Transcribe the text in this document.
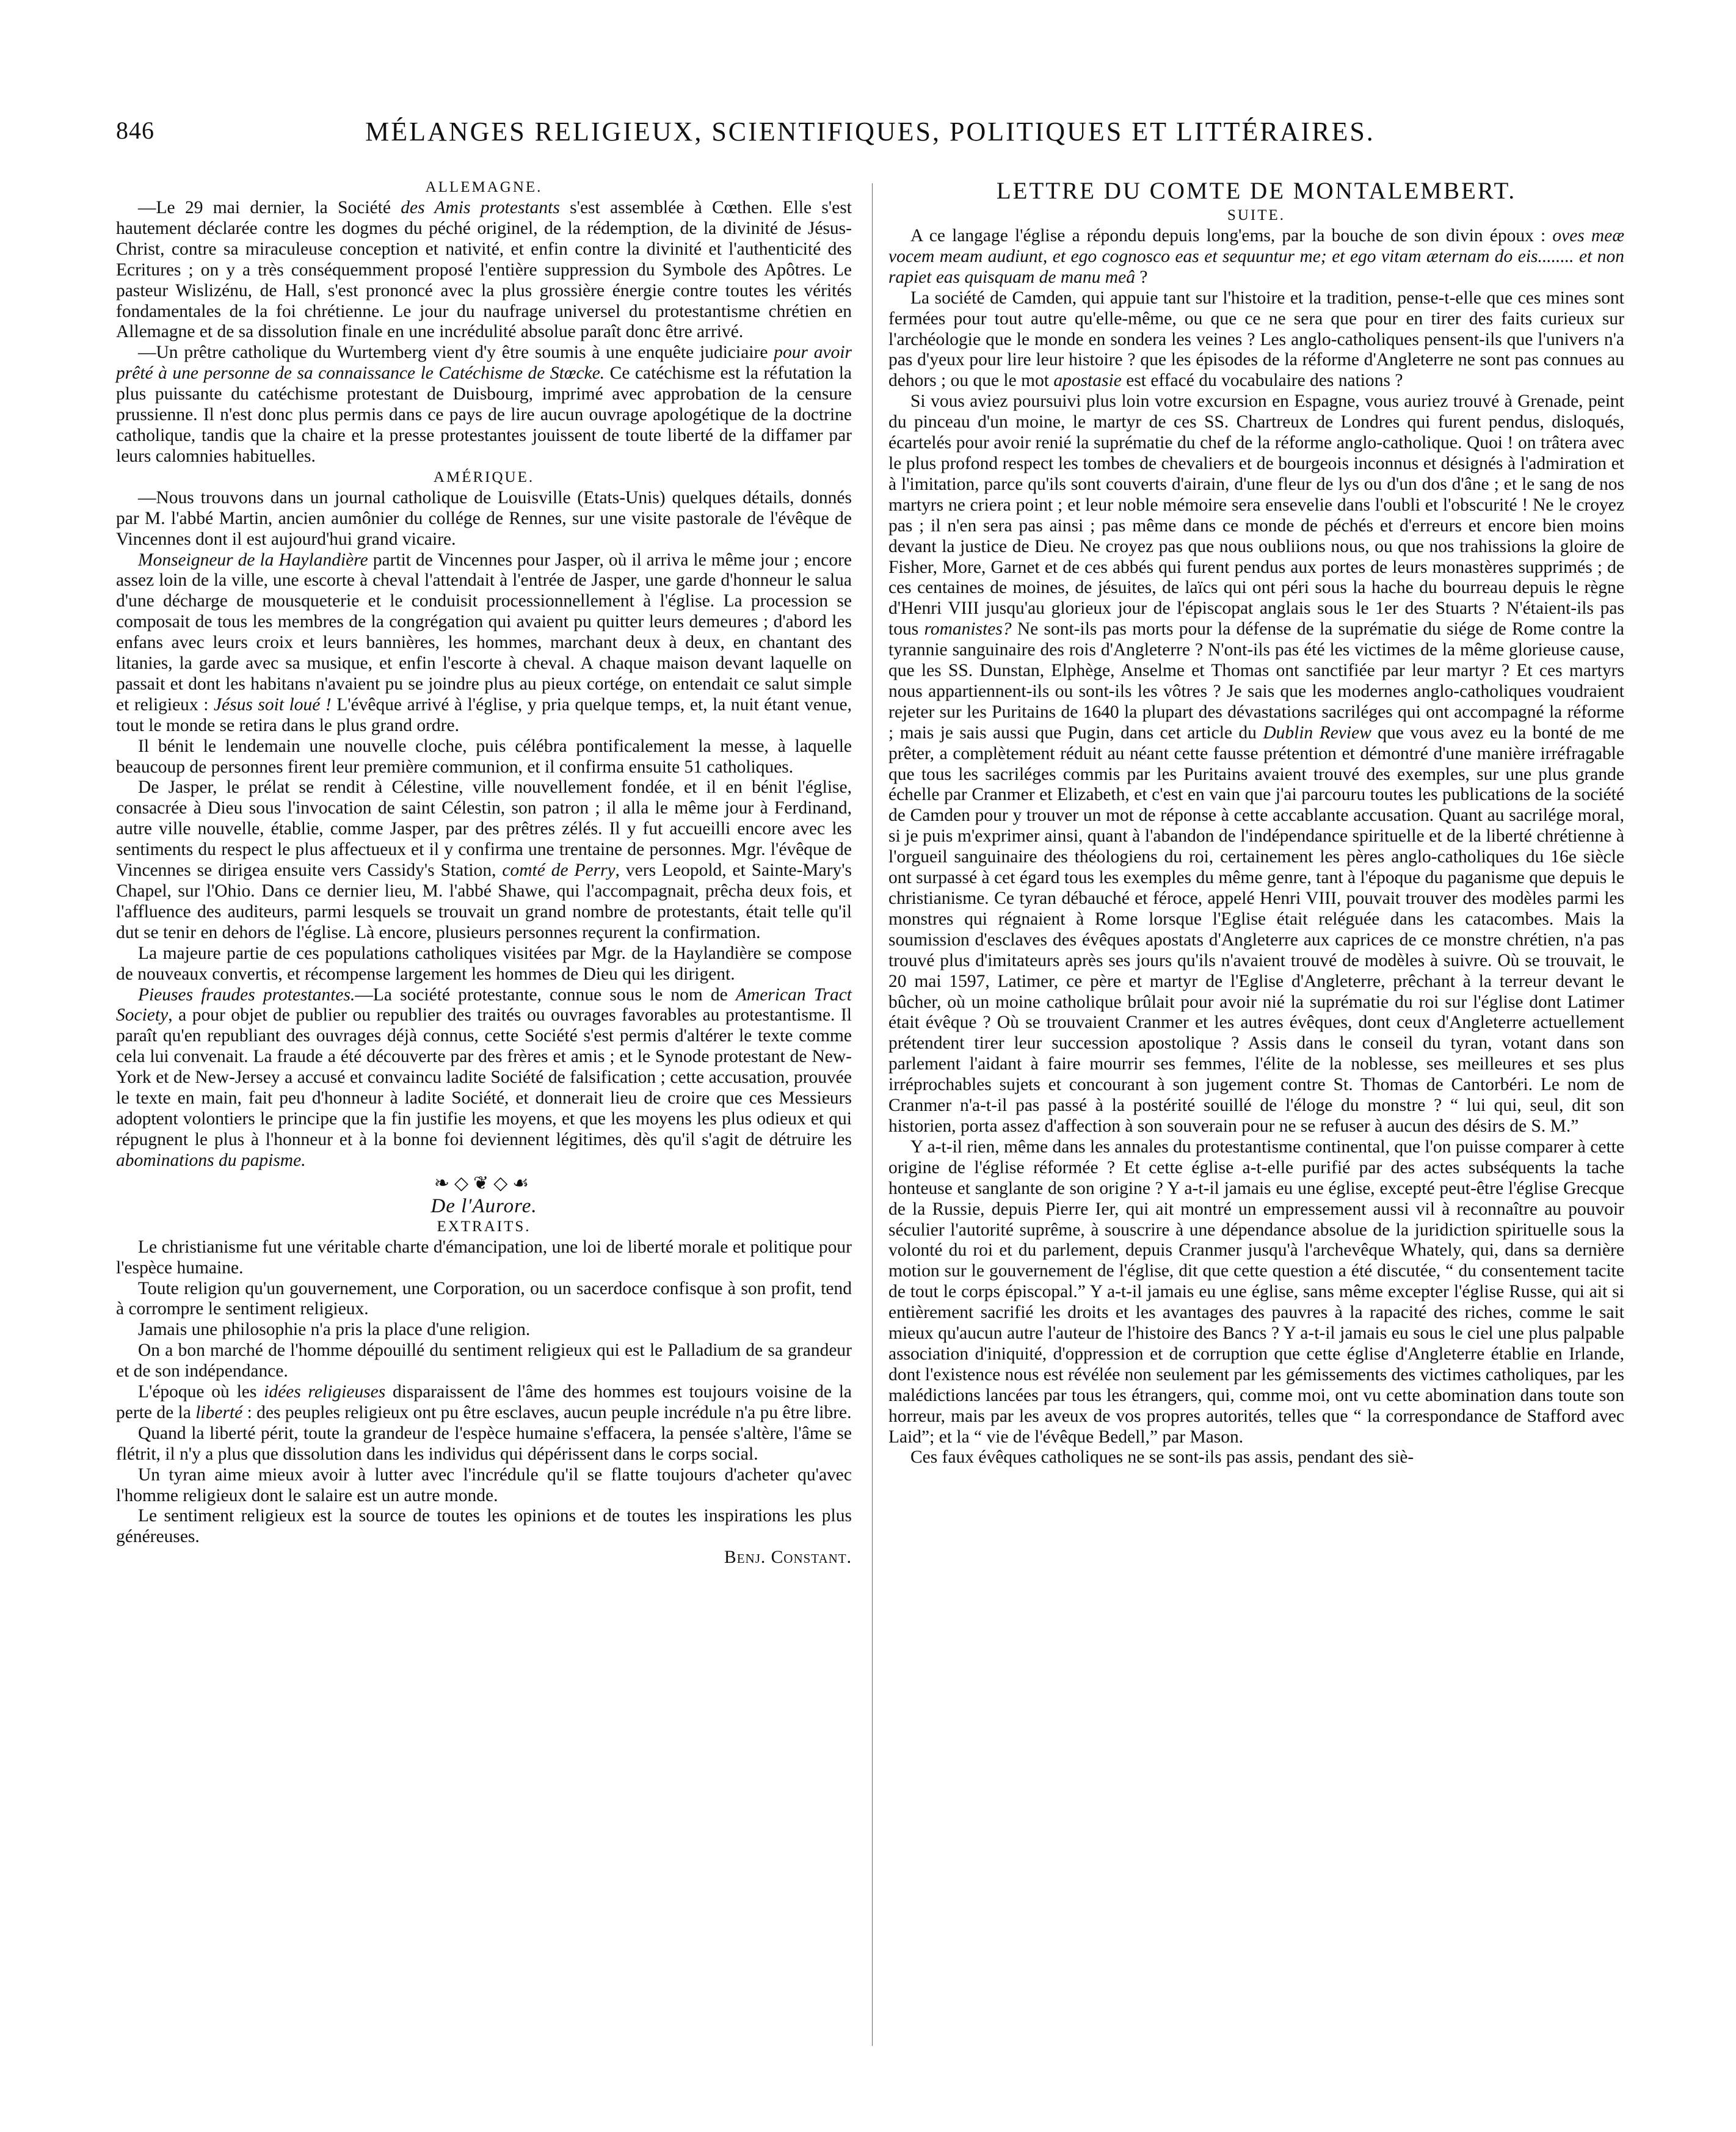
846	MÉLANGES RELIGIEUX, SCIENTIFIQUES, POLITIQUES ET LITTÉRAIRES.
ALLEMAGNE.

—Le 29 mai dernier, la Société des Amis protestants s'est assemblée à Cœthen. Elle s'est hautement déclarée contre les dogmes du péché originel, de la rédemption, de la divinité de Jésus-Christ, contre sa miraculeuse conception et nativité, et enfin contre la divinité et l'authenticité des Ecritures ; on y a très conséquemment proposé l'entière suppression du Symbole des Apôtres. Le pasteur Wislizénu, de Hall, s'est prononcé avec la plus grossière énergie contre toutes les vérités fondamentales de la foi chrétienne. Le jour du naufrage universel du protestantisme chrétien en Allemagne et de sa dissolution finale en une incrédulité absolue paraît donc être arrivé.

—Un prêtre catholique du Wurtemberg vient d'y être soumis à une enquête judiciaire pour avoir prêté à une personne de sa connaissance le Catéchisme de Stœcke. Ce catéchisme est la réfutation la plus puissante du catéchisme protestant de Duisbourg, imprimé avec approbation de la censure prussienne. Il n'est donc plus permis dans ce pays de lire aucun ouvrage apologétique de la doctrine catholique, tandis que la chaire et la presse protestantes jouissent de toute liberté de la diffamer par leurs calomnies habituelles.

AMÉRIQUE.

—Nous trouvons dans un journal catholique de Louisville (Etats-Unis) quelques détails, donnés par M. l'abbé Martin, ancien aumônier du collége de Rennes, sur une visite pastorale de l'évêque de Vincennes dont il est aujourd'hui grand vicaire.

Monseigneur de la Haylandière partit de Vincennes pour Jasper, où il arriva le même jour ; encore assez loin de la ville, une escorte à cheval l'attendait à l'entrée de Jasper, une garde d'honneur le salua d'une décharge de mousqueterie et le conduisit processionnellement à l'église. La procession se composait de tous les membres de la congrégation qui avaient pu quitter leurs demeures ; d'abord les enfans avec leurs croix et leurs bannières, les hommes, marchant deux à deux, en chantant des litanies, la garde avec sa musique, et enfin l'escorte à cheval. A chaque maison devant laquelle on passait et dont les habitans n'avaient pu se joindre plus au pieux cortége, on entendait ce salut simple et religieux : Jésus soit loué ! L'évêque arrivé à l'église, y pria quelque temps, et, la nuit étant venue, tout le monde se retira dans le plus grand ordre.

Il bénit le lendemain une nouvelle cloche, puis célébra pontificalement la messe, à laquelle beaucoup de personnes firent leur première communion, et il confirma ensuite 51 catholiques.

De Jasper, le prélat se rendit à Célestine, ville nouvellement fondée, et il en bénit l'église, consacrée à Dieu sous l'invocation de saint Célestin, son patron ; il alla le même jour à Ferdinand, autre ville nouvelle, établie, comme Jasper, par des prêtres zélés. Il y fut accueilli encore avec les sentiments du respect le plus affectueux et il y confirma une trentaine de personnes. Mgr. l'évêque de Vincennes se dirigea ensuite vers Cassidy's Station, comté de Perry, vers Leopold, et Sainte-Mary's Chapel, sur l'Ohio. Dans ce dernier lieu, M. l'abbé Shawe, qui l'accompagnait, prêcha deux fois, et l'affluence des auditeurs, parmi lesquels se trouvait un grand nombre de protestants, était telle qu'il dut se tenir en dehors de l'église. Là encore, plusieurs personnes reçurent la confirmation.

La majeure partie de ces populations catholiques visitées par Mgr. de la Haylandière se compose de nouveaux convertis, et récompense largement les hommes de Dieu qui les dirigent.

Pieuses fraudes protestantes.—La société protestante, connue sous le nom de American Tract Society, a pour objet de publier ou republier des traités ou ouvrages favorables au protestantisme. Il paraît qu'en republiant des ouvrages déjà connus, cette Société s'est permis d'altérer le texte comme cela lui convenait. La fraude a été découverte par des frères et amis ; et le Synode protestant de New-York et de New-Jersey a accusé et convaincu ladite Société de falsification ; cette accusation, prouvée le texte en main, fait peu d'honneur à ladite Société, et donnerait lieu de croire que ces Messieurs adoptent volontiers le principe que la fin justifie les moyens, et que les moyens les plus odieux et qui répugnent le plus à l'honneur et à la bonne foi deviennent légitimes, dès qu'il s'agit de détruire les abominations du papisme.

❧◇❦◇☙
De l'Aurore.
EXTRAITS.

Le christianisme fut une véritable charte d'émancipation, une loi de liberté morale et politique pour l'espèce humaine.

Toute religion qu'un gouvernement, une Corporation, ou un sacerdoce confisque à son profit, tend à corrompre le sentiment religieux.

Jamais une philosophie n'a pris la place d'une religion.

On a bon marché de l'homme dépouillé du sentiment religieux qui est le Palladium de sa grandeur et de son indépendance.

L'époque où les idées religieuses disparaissent de l'âme des hommes est toujours voisine de la perte de la liberté : des peuples religieux ont pu être esclaves, aucun peuple incrédule n'a pu être libre.

Quand la liberté périt, toute la grandeur de l'espèce humaine s'effacera, la pensée s'altère, l'âme se flétrit, il n'y a plus que dissolution dans les individus qui dépérissent dans le corps social.

Un tyran aime mieux avoir à lutter avec l'incrédule qu'il se flatte toujours d'acheter qu'avec l'homme religieux dont le salaire est un autre monde.

Le sentiment religieux est la source de toutes les opinions et de toutes les inspirations les plus généreuses.

Benj. Constant.
LETTRE DU COMTE DE MONTALEMBERT.
SUITE.

A ce langage l'église a répondu depuis long'ems, par la bouche de son divin époux : oves meæ vocem meam audiunt, et ego cognosco eas et sequuntur me; et ego vitam æternam do eis........ et non rapiet eas quisquam de manu meâ ?

La société de Camden, qui appuie tant sur l'histoire et la tradition, pense-t-elle que ces mines sont fermées pour tout autre qu'elle-même, ou que ce ne sera que pour en tirer des faits curieux sur l'archéologie que le monde en sondera les veines ? Les anglo-catholiques pensent-ils que l'univers n'a pas d'yeux pour lire leur histoire ? que les épisodes de la réforme d'Angleterre ne sont pas connues au dehors ; ou que le mot apostasie est effacé du vocabulaire des nations ?

Si vous aviez poursuivi plus loin votre excursion en Espagne, vous auriez trouvé à Grenade, peint du pinceau d'un moine, le martyr de ces SS. Chartreux de Londres qui furent pendus, disloqués, écartelés pour avoir renié la suprématie du chef de la réforme anglo-catholique. Quoi ! on trâtera avec le plus profond respect les tombes de chevaliers et de bourgeois inconnus et désignés à l'admiration et à l'imitation, parce qu'ils sont couverts d'airain, d'une fleur de lys ou d'un dos d'âne ; et le sang de nos martyrs ne criera point ; et leur noble mémoire sera ensevelie dans l'oubli et l'obscurité ! Ne le croyez pas ; il n'en sera pas ainsi ; pas même dans ce monde de péchés et d'erreurs et encore bien moins devant la justice de Dieu. Ne croyez pas que nous oubliions nous, ou que nos trahissions la gloire de Fisher, More, Garnet et de ces abbés qui furent pendus aux portes de leurs monastères supprimés ; de ces centaines de moines, de jésuites, de laïcs qui ont péri sous la hache du bourreau depuis le règne d'Henri VIII jusqu'au glorieux jour de l'épiscopat anglais sous le 1er des Stuarts ? N'étaient-ils pas tous romanistes? Ne sont-ils pas morts pour la défense de la suprématie du siége de Rome contre la tyrannie sanguinaire des rois d'Angleterre ? N'ont-ils pas été les victimes de la même glorieuse cause, que les SS. Dunstan, Elphège, Anselme et Thomas ont sanctifiée par leur martyr ? Et ces martyrs nous appartiennent-ils ou sont-ils les vôtres ? Je sais que les modernes anglo-catholiques voudraient rejeter sur les Puritains de 1640 la plupart des dévastations sacriléges qui ont accompagné la réforme ; mais je sais aussi que Pugin, dans cet article du Dublin Review que vous avez eu la bonté de me prêter, a complètement réduit au néant cette fausse prétention et démontré d'une manière irréfragable que tous les sacriléges commis par les Puritains avaient trouvé des exemples, sur une plus grande échelle par Cranmer et Elizabeth, et c'est en vain que j'ai parcouru toutes les publications de la société de Camden pour y trouver un mot de réponse à cette accablante accusation. Quant au sacrilége moral, si je puis m'exprimer ainsi, quant à l'abandon de l'indépendance spirituelle et de la liberté chrétienne à l'orgueil sanguinaire des théologiens du roi, certainement les pères anglo-catholiques du 16e siècle ont surpassé à cet égard tous les exemples du même genre, tant à l'époque du paganisme que depuis le christianisme. Ce tyran débauché et féroce, appelé Henri VIII, pouvait trouver des modèles parmi les monstres qui régnaient à Rome lorsque l'Eglise était reléguée dans les catacombes. Mais la soumission d'esclaves des évêques apostats d'Angleterre aux caprices de ce monstre chrétien, n'a pas trouvé plus d'imitateurs après ses jours qu'ils n'avaient trouvé de modèles à suivre. Où se trouvait, le 20 mai 1597, Latimer, ce père et martyr de l'Eglise d'Angleterre, prêchant à la terreur devant le bûcher, où un moine catholique brûlait pour avoir nié la suprématie du roi sur l'église dont Latimer était évêque ? Où se trouvaient Cranmer et les autres évêques, dont ceux d'Angleterre actuellement prétendent tirer leur succession apostolique ? Assis dans le conseil du tyran, votant dans son parlement l'aidant à faire mourrir ses femmes, l'élite de la noblesse, ses meilleures et ses plus irréprochables sujets et concourant à son jugement contre St. Thomas de Cantorbéri. Le nom de Cranmer n'a-t-il pas passé à la postérité souillé de l'éloge du monstre ? “ lui qui, seul, dit son historien, porta assez d'affection à son souverain pour ne se refuser à aucun des désirs de S. M.”

Y a-t-il rien, même dans les annales du protestantisme continental, que l'on puisse comparer à cette origine de l'église réformée ? Et cette église a-t-elle purifié par des actes subséquents la tache honteuse et sanglante de son origine ? Y a-t-il jamais eu une église, excepté peut-être l'église Grecque de la Russie, depuis Pierre Ier, qui ait montré un empressement aussi vil à reconnaître au pouvoir séculier l'autorité suprême, à souscrire à une dépendance absolue de la juridiction spirituelle sous la volonté du roi et du parlement, depuis Cranmer jusqu'à l'archevêque Whately, qui, dans sa dernière motion sur le gouvernement de l'église, dit que cette question a été discutée, “ du consentement tacite de tout le corps épiscopal.” Y a-t-il jamais eu une église, sans même excepter l'église Russe, qui ait si entièrement sacrifié les droits et les avantages des pauvres à la rapacité des riches, comme le sait mieux qu'aucun autre l'auteur de l'histoire des Bancs ? Y a-t-il jamais eu sous le ciel une plus palpable association d'iniquité, d'oppression et de corruption que cette église d'Angleterre établie en Irlande, dont l'existence nous est révélée non seulement par les gémissements des victimes catholiques, par les malédictions lancées par tous les étrangers, qui, comme moi, ont vu cette abomination dans toute son horreur, mais par les aveux de vos propres autorités, telles que “ la correspondance de Stafford avec Laid”; et la “ vie de l'évêque Bedell,” par Mason.

Ces faux évêques catholiques ne se sont-ils pas assis, pendant des siè-
